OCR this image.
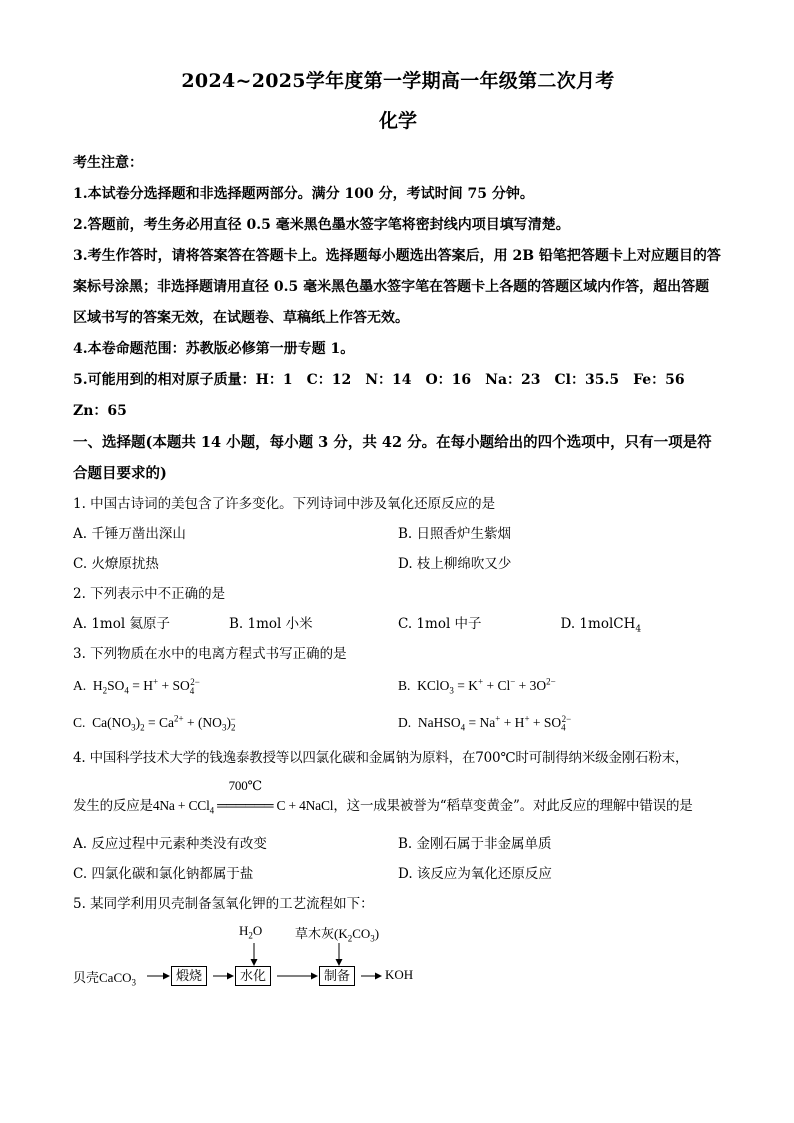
2024~2025学年度第一学期高一年级第二次月考
化学

考生注意：

1.本试卷分选择题和非选择题两部分。满分 100 分，考试时间 75 分钟。

2.答题前，考生务必用直径 0.5 毫米黑色墨水签字笔将密封线内项目填写清楚。

3.考生作答时，请将答案答在答题卡上。选择题每小题选出答案后，用 2B 铅笔把答题卡上对应题目的答案标号涂黑；非选择题请用直径 0.5 毫米黑色墨水签字笔在答题卡上各题的答题区域内作答，超出答题区域书写的答案无效，在试题卷、草稿纸上作答无效。

4.本卷命题范围：苏教版必修第一册专题 1。

5.可能用到的相对原子质量：H：1　C：12　N：14　O：16　Na：23　Cl：35.5　Fe：56

Zn：65

一、选择题(本题共 14 小题，每小题 3 分，共 42 分。在每小题给出的四个选项中，只有一项是符合题目要求的)

1. 中国古诗词的美包含了许多变化。下列诗词中涉及氧化还原反应的是

A. 千锤万凿出深山	B. 日照香炉生紫烟
C. 火燎原扰热	D. 枝上柳绵吹又少

2. 下列表示中不正确的是

A. 1mol 氦原子	B. 1mol 小米	C. 1mol 中子	D. 1molCH$_4$

3. 下列物质在水中的电离方程式书写正确的是

A.  $H_2SO_4 = H^+ + SO_4^{2-}$	B.  KClO$_3$ = $K^+ + Cl^- + 3O^{2-}$
C.  $Ca(NO_3)_2 = Ca^{2+} + (NO_3)_2^-$	D.  NaHSO$_4$ = $Na^+ + H^+ + SO_4^{2-}$

4. 中国科学技术大学的钱逸泰教授等以四氯化碳和金属钠为原料，在700℃时可制得纳米级金刚石粉末，

发生的反应是4Na + CCl$_4$
700℃
══════ C + 4NaCl，这一成果被誉为“稻草变黄金”。对此反应的理解中错误的是

A. 反应过程中元素种类没有改变	B. 金刚石属于非金属单质
C. 四氯化碳和氯化钠都属于盐	D. 该反应为氧化还原反应

5. 某同学利用贝壳制备氢氧化钾的工艺流程如下：

贝壳CaCO$_3$	煅烧	水化	制备	KOH
$H_2O$	草木灰$(K_2CO_3)$
